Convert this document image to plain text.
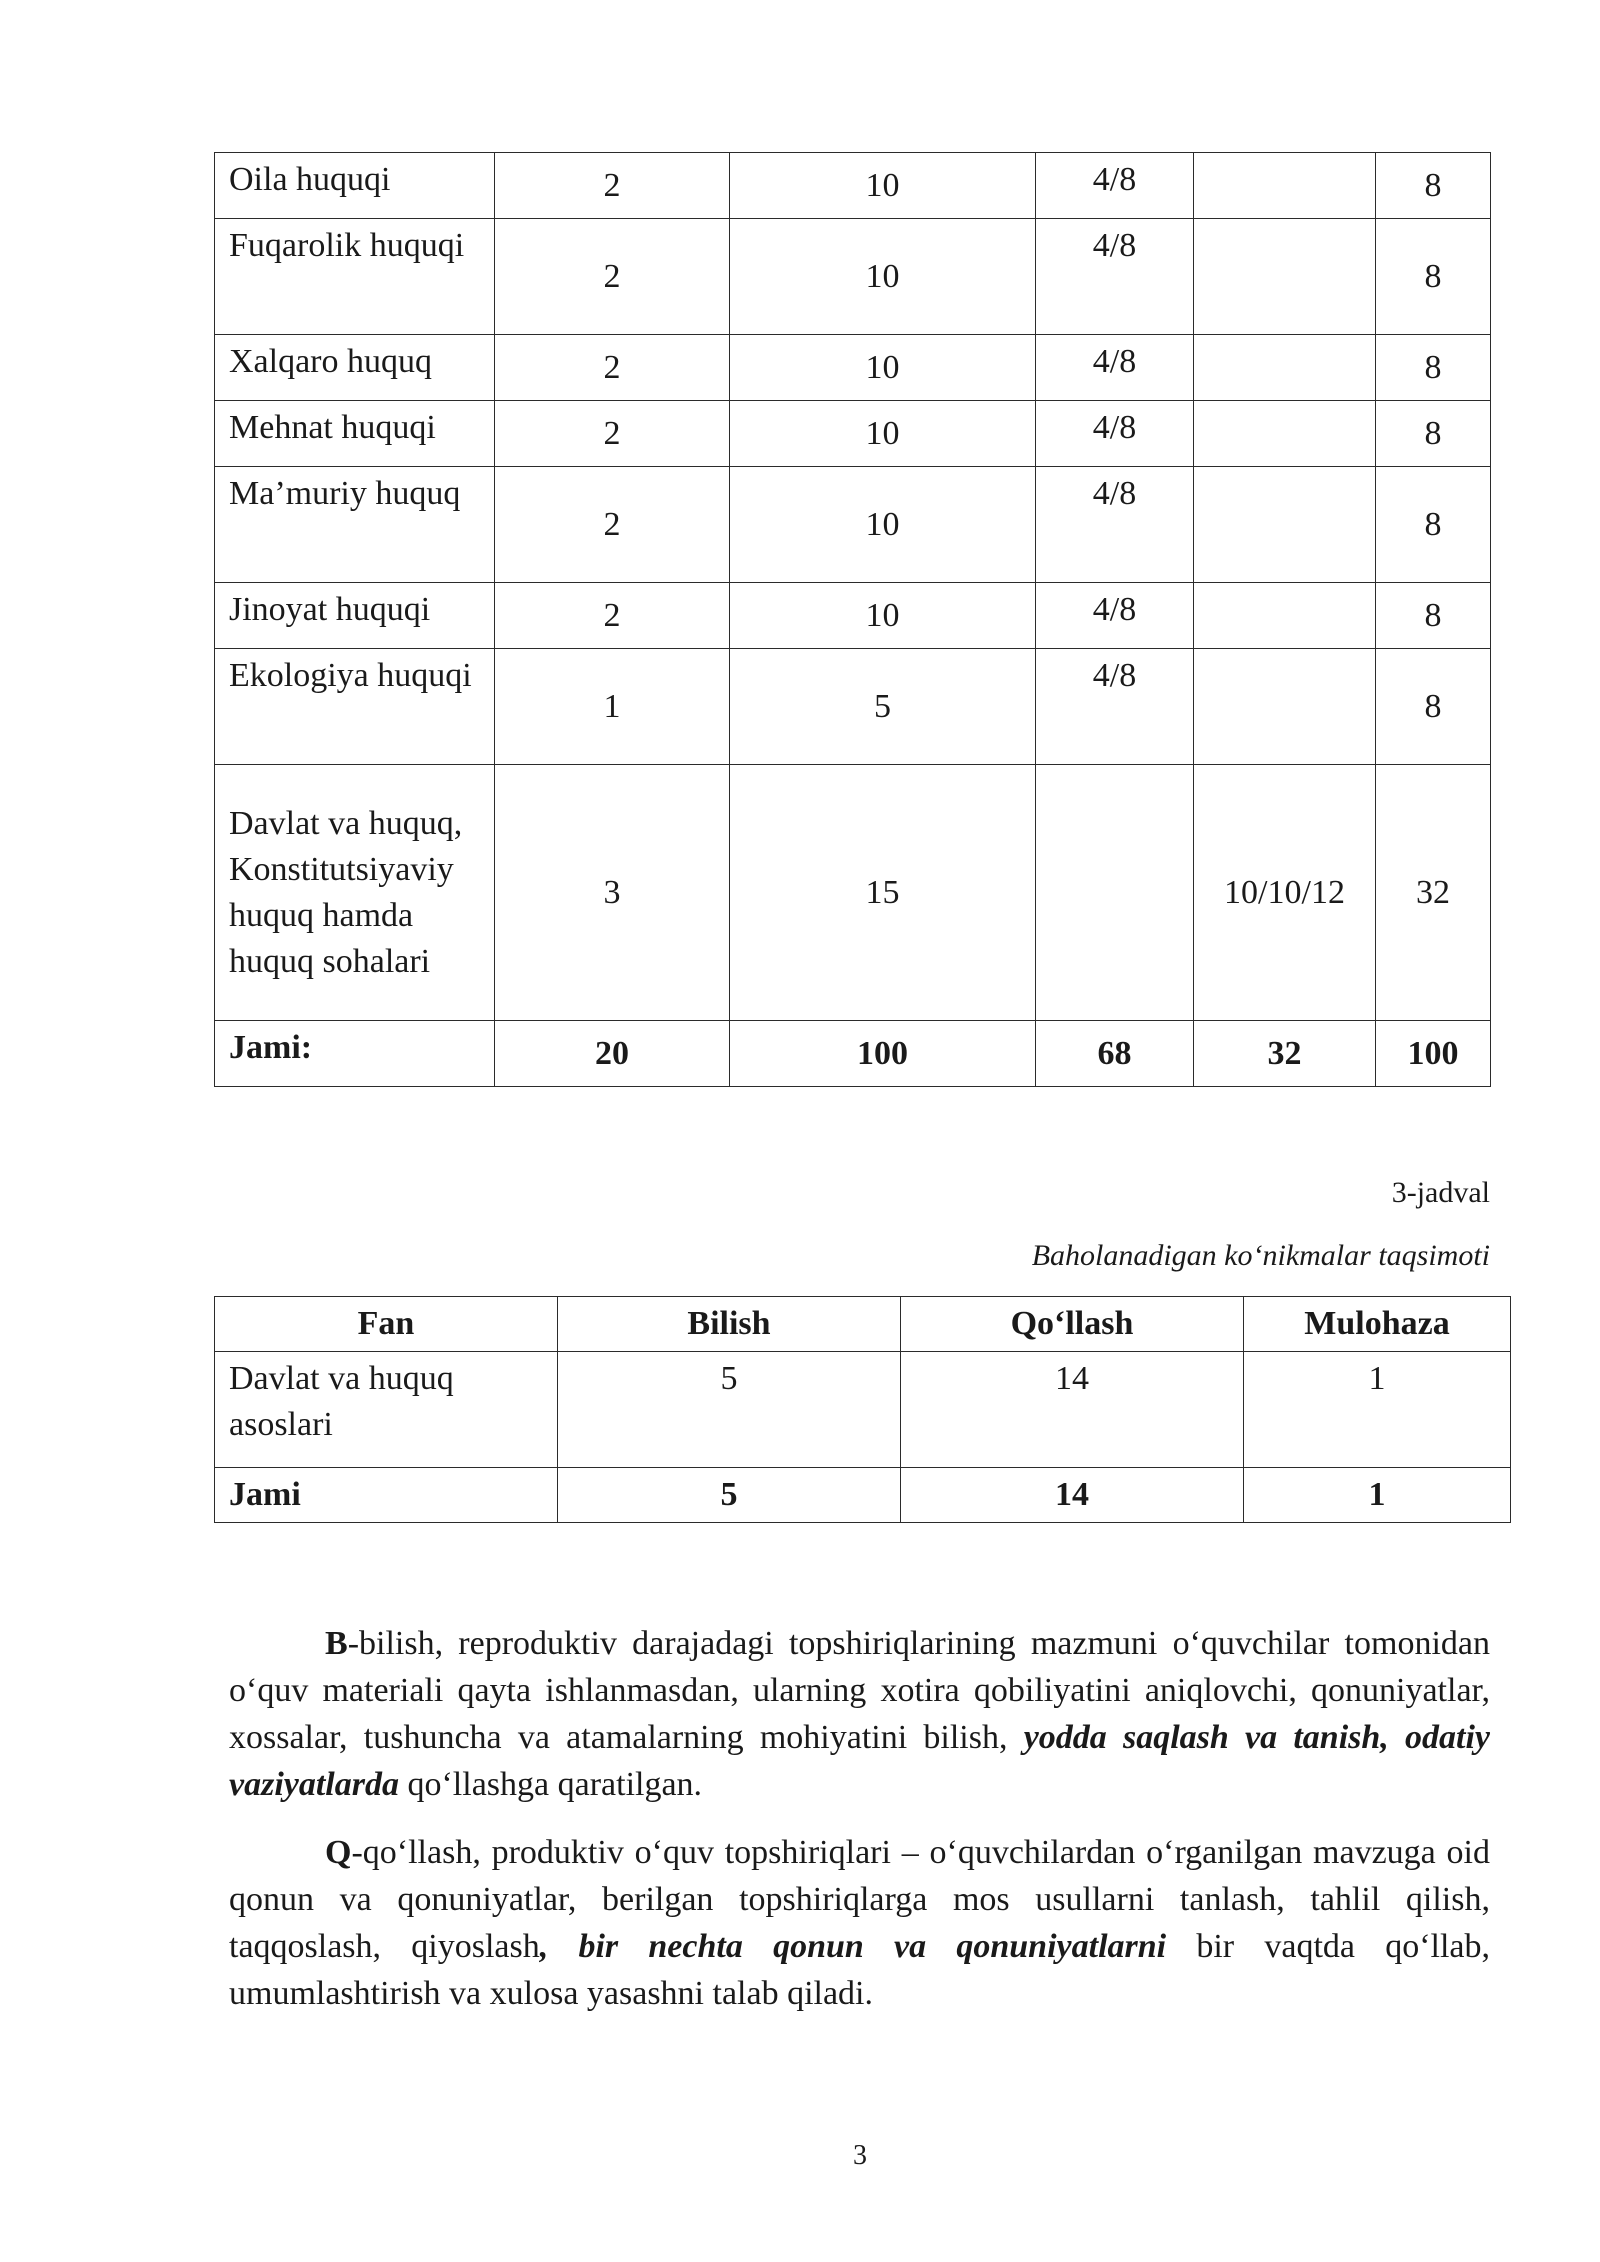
Oila huquqi	2	10	4/8		8
Fuqarolik huquqi	2	10	4/8		8
Xalqaro huquq	2	10	4/8		8
Mehnat huquqi	2	10	4/8		8
Ma’muriy huquq	2	10	4/8		8
Jinoyat huquqi	2	10	4/8		8
Ekologiya huquqi	1	5	4/8		8
Davlat va huquq, Konstitutsiyaviy huquq hamda huquq sohalari	3	15		10/10/12	32
Jami:	20	100	68	32	100
3-jadval
Baholanadigan ko‘nikmalar taqsimoti
Fan	Bilish	Qo‘llash	Mulohaza
Davlat va huquq asoslari	5	14	1
Jami	5	14	1

B-bilish, reproduktiv darajadagi topshiriqlarining mazmuni o‘quvchilar tomonidan o‘quv materiali qayta ishlanmasdan, ularning xotira qobiliyatini aniqlovchi, qonuniyatlar, xossalar, tushuncha va atamalarning mohiyatini bilish, yodda saqlash va tanish, odatiy vaziyatlarda qo‘llashga qaratilgan.

Q-qo‘llash, produktiv o‘quv topshiriqlari – o‘quvchilardan o‘rganilgan mavzuga oid qonun va qonuniyatlar, berilgan topshiriqlarga mos usullarni tanlash, tahlil qilish, taqqoslash, qiyoslash, bir nechta qonun va qonuniyatlarni bir vaqtda qo‘llab, umumlashtirish va xulosa yasashni talab qiladi.

3
